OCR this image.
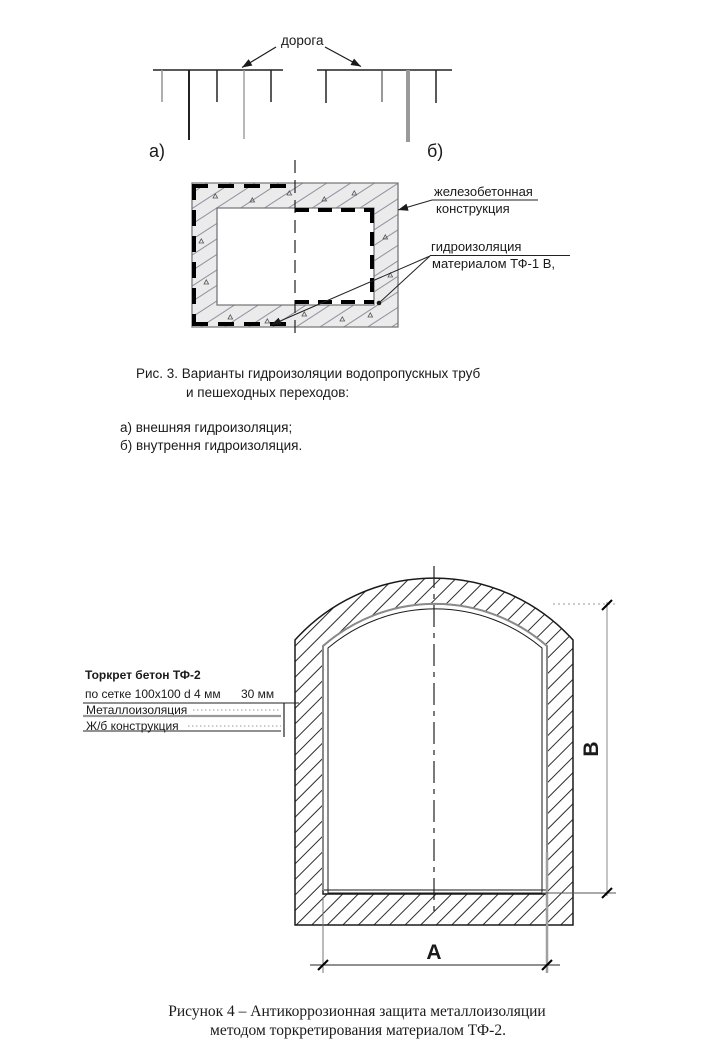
дорога
а)	б)
железобетонная
конструкция
гидроизоляция
материалом ТФ-1 В,
Рис. 3. Варианты гидроизоляции водопропускных труб
и пешеходных переходов:
а) внешняя гидроизоляция;
б) внутрення гидроизоляция.
Торкрет бетон ТФ-2
по сетке 100х100 d 4 мм 30 мм
Металлоизоляция
Ж/б конструкция
А
В
Рисунок 4 – Антикоррозионная защита металлоизоляции
методом торкретирования материалом ТФ-2.
